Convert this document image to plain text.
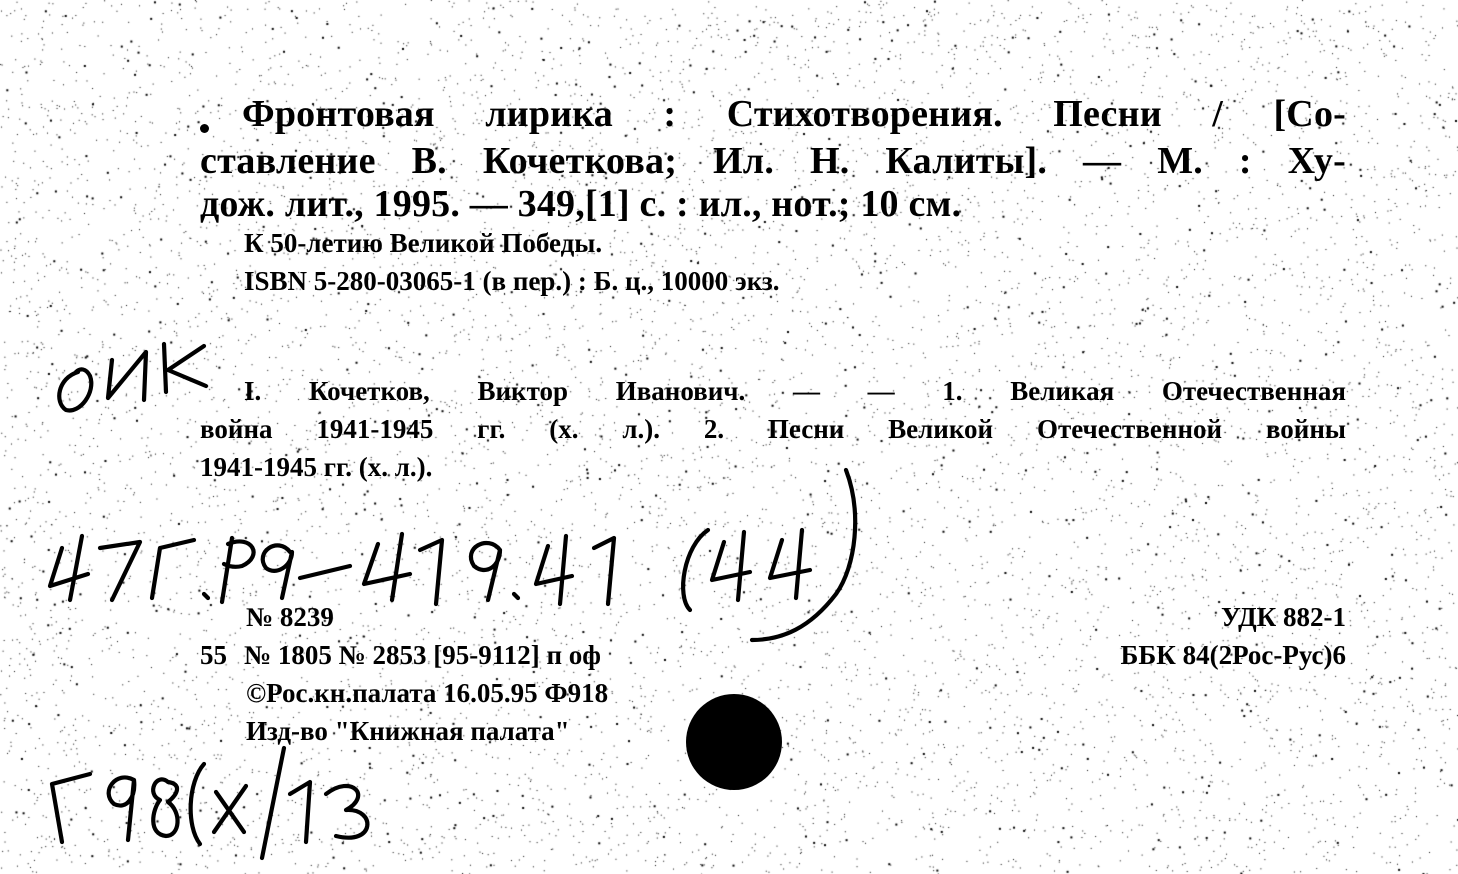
Фронтовая лирика : Стихотворения. Песни / [Со-
ставление В. Кочеткова; Ил. Н. Калиты]. — М. : Ху-
дож. лит., 1995. — 349,[1] с. : ил., нот.; 10 см.
К 50-летию Великой Победы.
ISBN 5-280-03065-1 (в пер.) : Б. ц., 10000 экз.
I. Кочетков, Виктор Иванович. — — 1. Великая Отечественная
война 1941-1945 гг. (х. л.). 2. Песни Великой Отечественной войны
1941-1945 гг. (х. л.).
№ 8239
55 № 1805 № 2853 [95-9112] п оф
©Рос.кн.палата 16.05.95 Ф918
Изд-во "Книжная палата"
УДК 882-1
ББК 84(2Рос-Рус)6
